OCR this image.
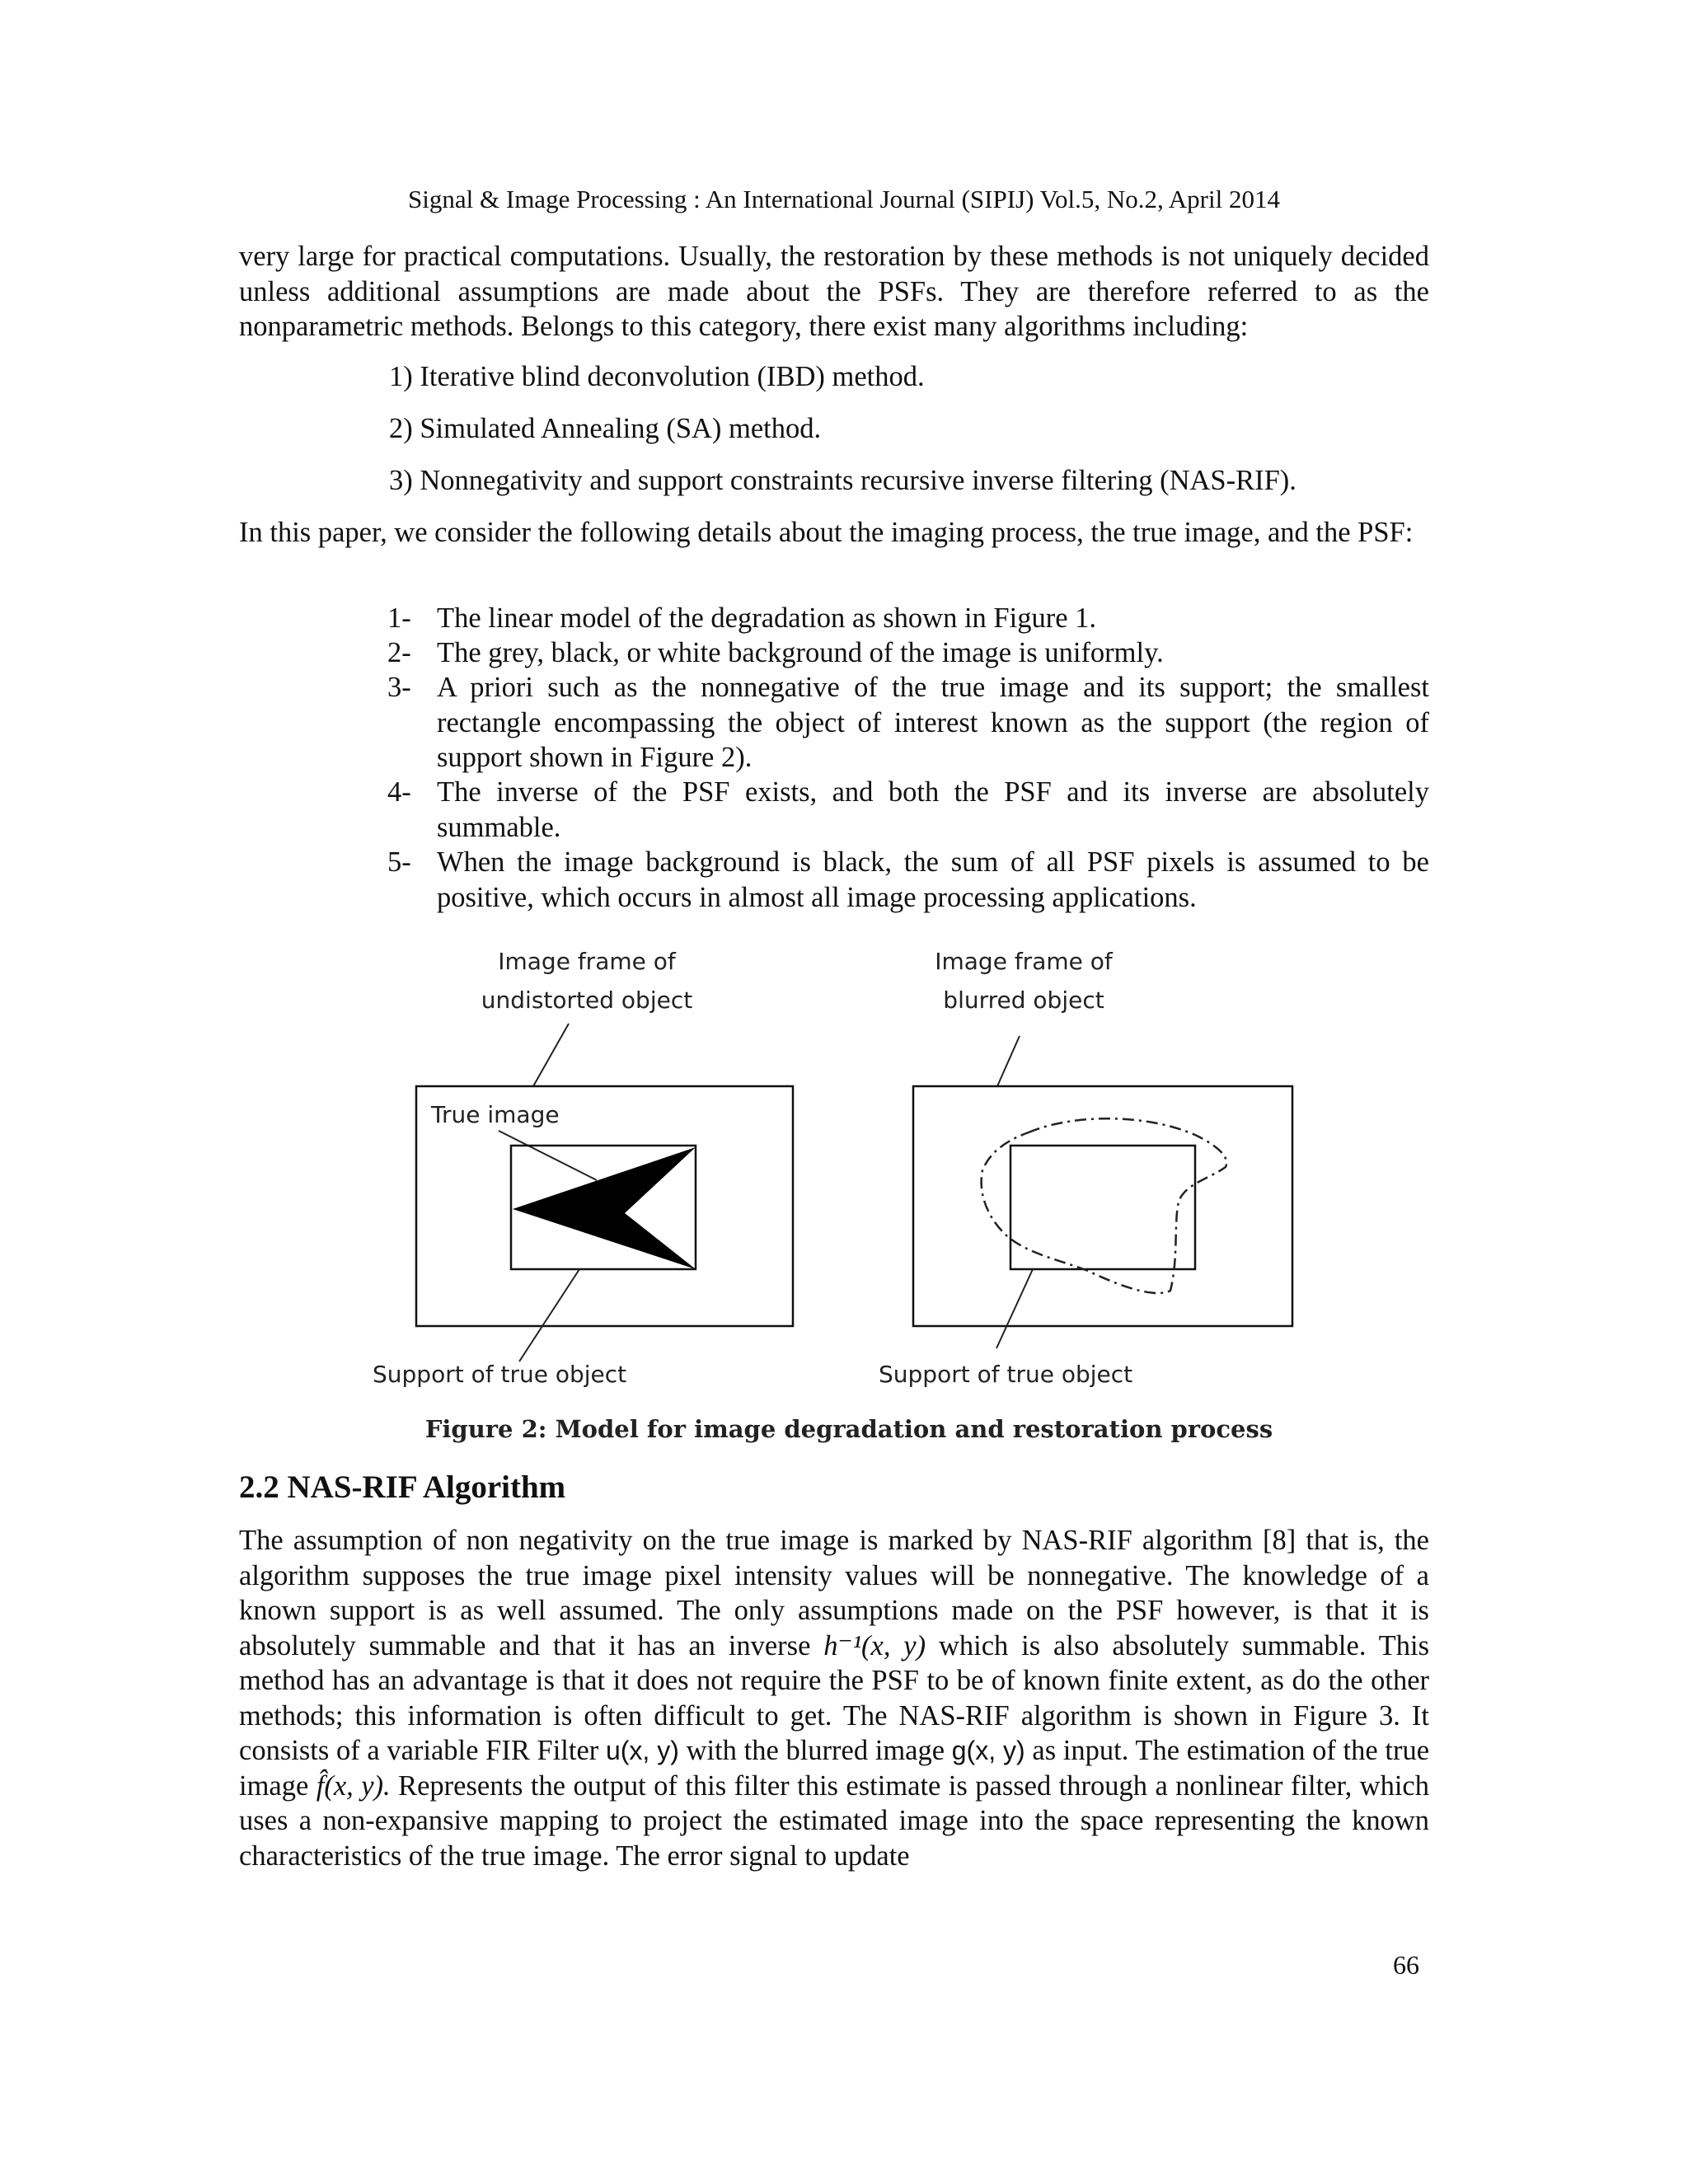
Signal & Image Processing : An International Journal (SIPIJ) Vol.5, No.2, April 2014

very large for practical computations. Usually, the restoration by these methods is not uniquely decided unless additional assumptions are made about the PSFs. They are therefore referred to as the nonparametric methods. Belongs to this category, there exist many algorithms including:

1) Iterative blind deconvolution (IBD) method.

2) Simulated Annealing (SA) method.

3) Nonnegativity and support constraints recursive inverse filtering (NAS-RIF).

In this paper, we consider the following details about the imaging process, the true image, and the PSF:

1- The linear model of the degradation as shown in Figure 1.
2- The grey, black, or white background of the image is uniformly.
3- A priori such as the nonnegative of the true image and its support; the smallest rectangle encompassing the object of interest known as the support (the region of support shown in Figure 2).
4- The inverse of the PSF exists, and both the PSF and its inverse are absolutely summable.
5- When the image background is black, the sum of all PSF pixels is assumed to be positive, which occurs in almost all image processing applications.
Image frame of
undistorted object
True image
Support of true object
Image frame of
blurred object
Support of true object
Figure 2: Model for image degradation and restoration process
2.2 NAS-RIF Algorithm

The assumption of non negativity on the true image is marked by NAS-RIF algorithm [8] that is, the algorithm supposes the true image pixel intensity values will be nonnegative. The knowledge of a known support is as well assumed. The only assumptions made on the PSF however, is that it is absolutely summable and that it has an inverse h⁻¹(x, y) which is also absolutely summable. This method has an advantage is that it does not require the PSF to be of known finite extent, as do the other methods; this information is often difficult to get. The NAS-RIF algorithm is shown in Figure 3. It consists of a variable FIR Filter u(x, y) with the blurred image g(x, y) as input. The estimation of the true image f̂(x, y). Represents the output of this filter this estimate is passed through a nonlinear filter, which uses a non-expansive mapping to project the estimated image into the space representing the known characteristics of the true image. The error signal to update

66
